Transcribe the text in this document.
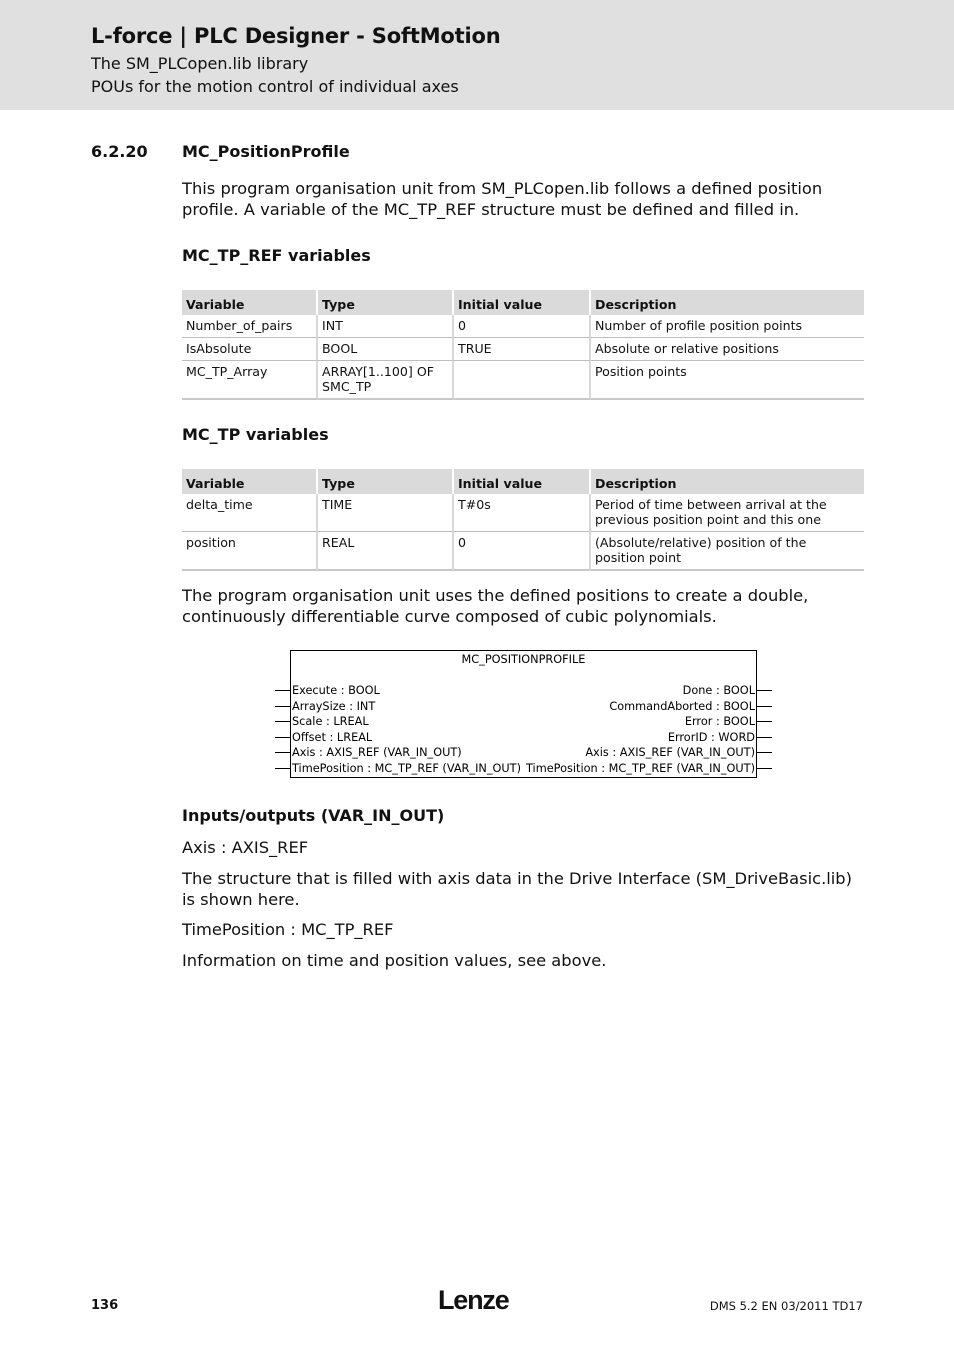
L-force | PLC Designer - SoftMotion
The SM_PLCopen.lib library
POUs for the motion control of individual axes
6.2.20 MC_PositionProfile
This program organisation unit from SM_PLCopen.lib follows a defined position profile. A variable of the MC_TP_REF structure must be defined and filled in.
MC_TP_REF variables
Variable	Type	Initial value	Description
Number_of_pairs	INT	0	Number of profile position points
IsAbsolute	BOOL	TRUE	Absolute or relative positions
MC_TP_Array	ARRAY[1..100] OF SMC_TP		Position points
MC_TP variables
Variable	Type	Initial value	Description
delta_time	TIME	T#0s	Period of time between arrival at the previous position point and this one
position	REAL	0	(Absolute/relative) position of the position point
The program organisation unit uses the defined positions to create a double, continuously differentiable curve composed of cubic polynomials.
MC_POSITIONPROFILE
Execute : BOOL
ArraySize : INT
Scale : LREAL
Offset : LREAL
Axis : AXIS_REF (VAR_IN_OUT)
TimePosition : MC_TP_REF (VAR_IN_OUT)
Done : BOOL
CommandAborted : BOOL
Error : BOOL
ErrorID : WORD
Axis : AXIS_REF (VAR_IN_OUT)
TimePosition : MC_TP_REF (VAR_IN_OUT)
Inputs/outputs (VAR_IN_OUT)
Axis : AXIS_REF
The structure that is filled with axis data in the Drive Interface (SM_DriveBasic.lib) is shown here.
TimePosition : MC_TP_REF
Information on time and position values, see above.
136	Lenze	DMS 5.2 EN 03/2011 TD17
